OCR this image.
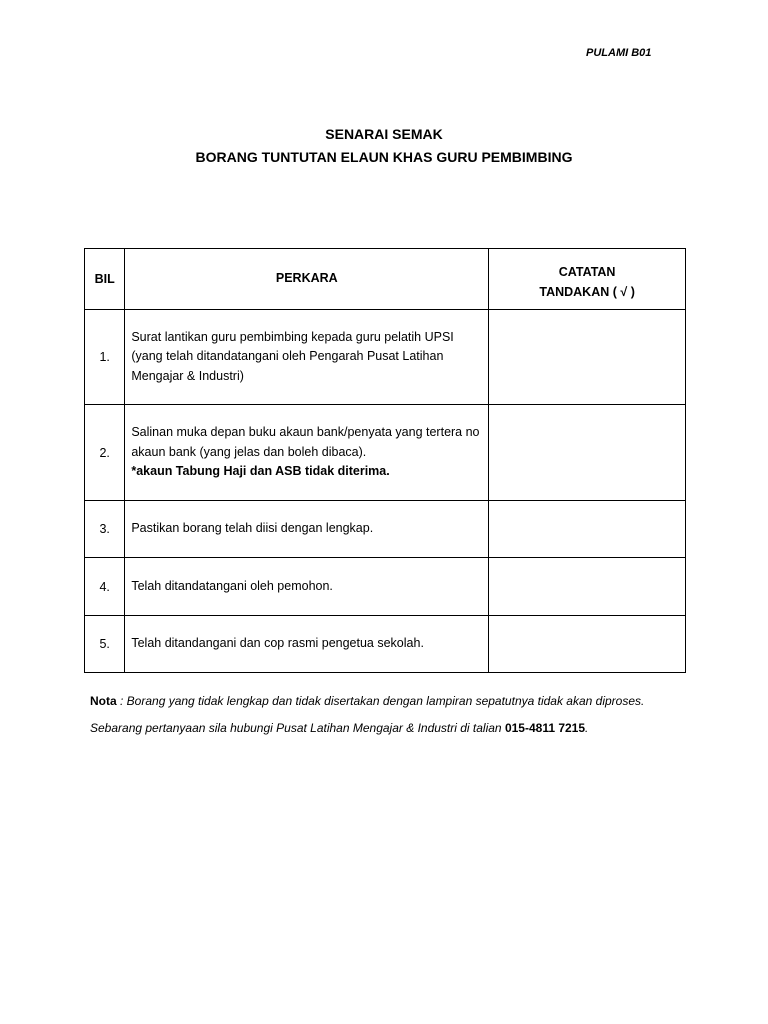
PULAMI B01
SENARAI SEMAK
BORANG TUNTUTAN ELAUN KHAS GURU PEMBIMBING
BIL	PERKARA	CATATAN
TANDAKAN ( √ )

1.	Surat lantikan guru pembimbing kepada guru pelatih UPSI (yang telah ditandatangani oleh Pengarah Pusat Latihan Mengajar & Industri)	
2.	Salinan muka depan buku akaun bank/penyata yang tertera no akaun bank (yang jelas dan boleh dibaca).
*akaun Tabung Haji dan ASB tidak diterima.	

3.	Pastikan borang telah diisi dengan lengkap.	
4.	Telah ditandatangani oleh pemohon.	
5.	Telah ditandangani dan cop rasmi pengetua sekolah.	
Nota : Borang yang tidak lengkap dan tidak disertakan dengan lampiran sepatutnya tidak akan diproses. Sebarang pertanyaan sila hubungi Pusat Latihan Mengajar & Industri di talian 015-4811 7215.
